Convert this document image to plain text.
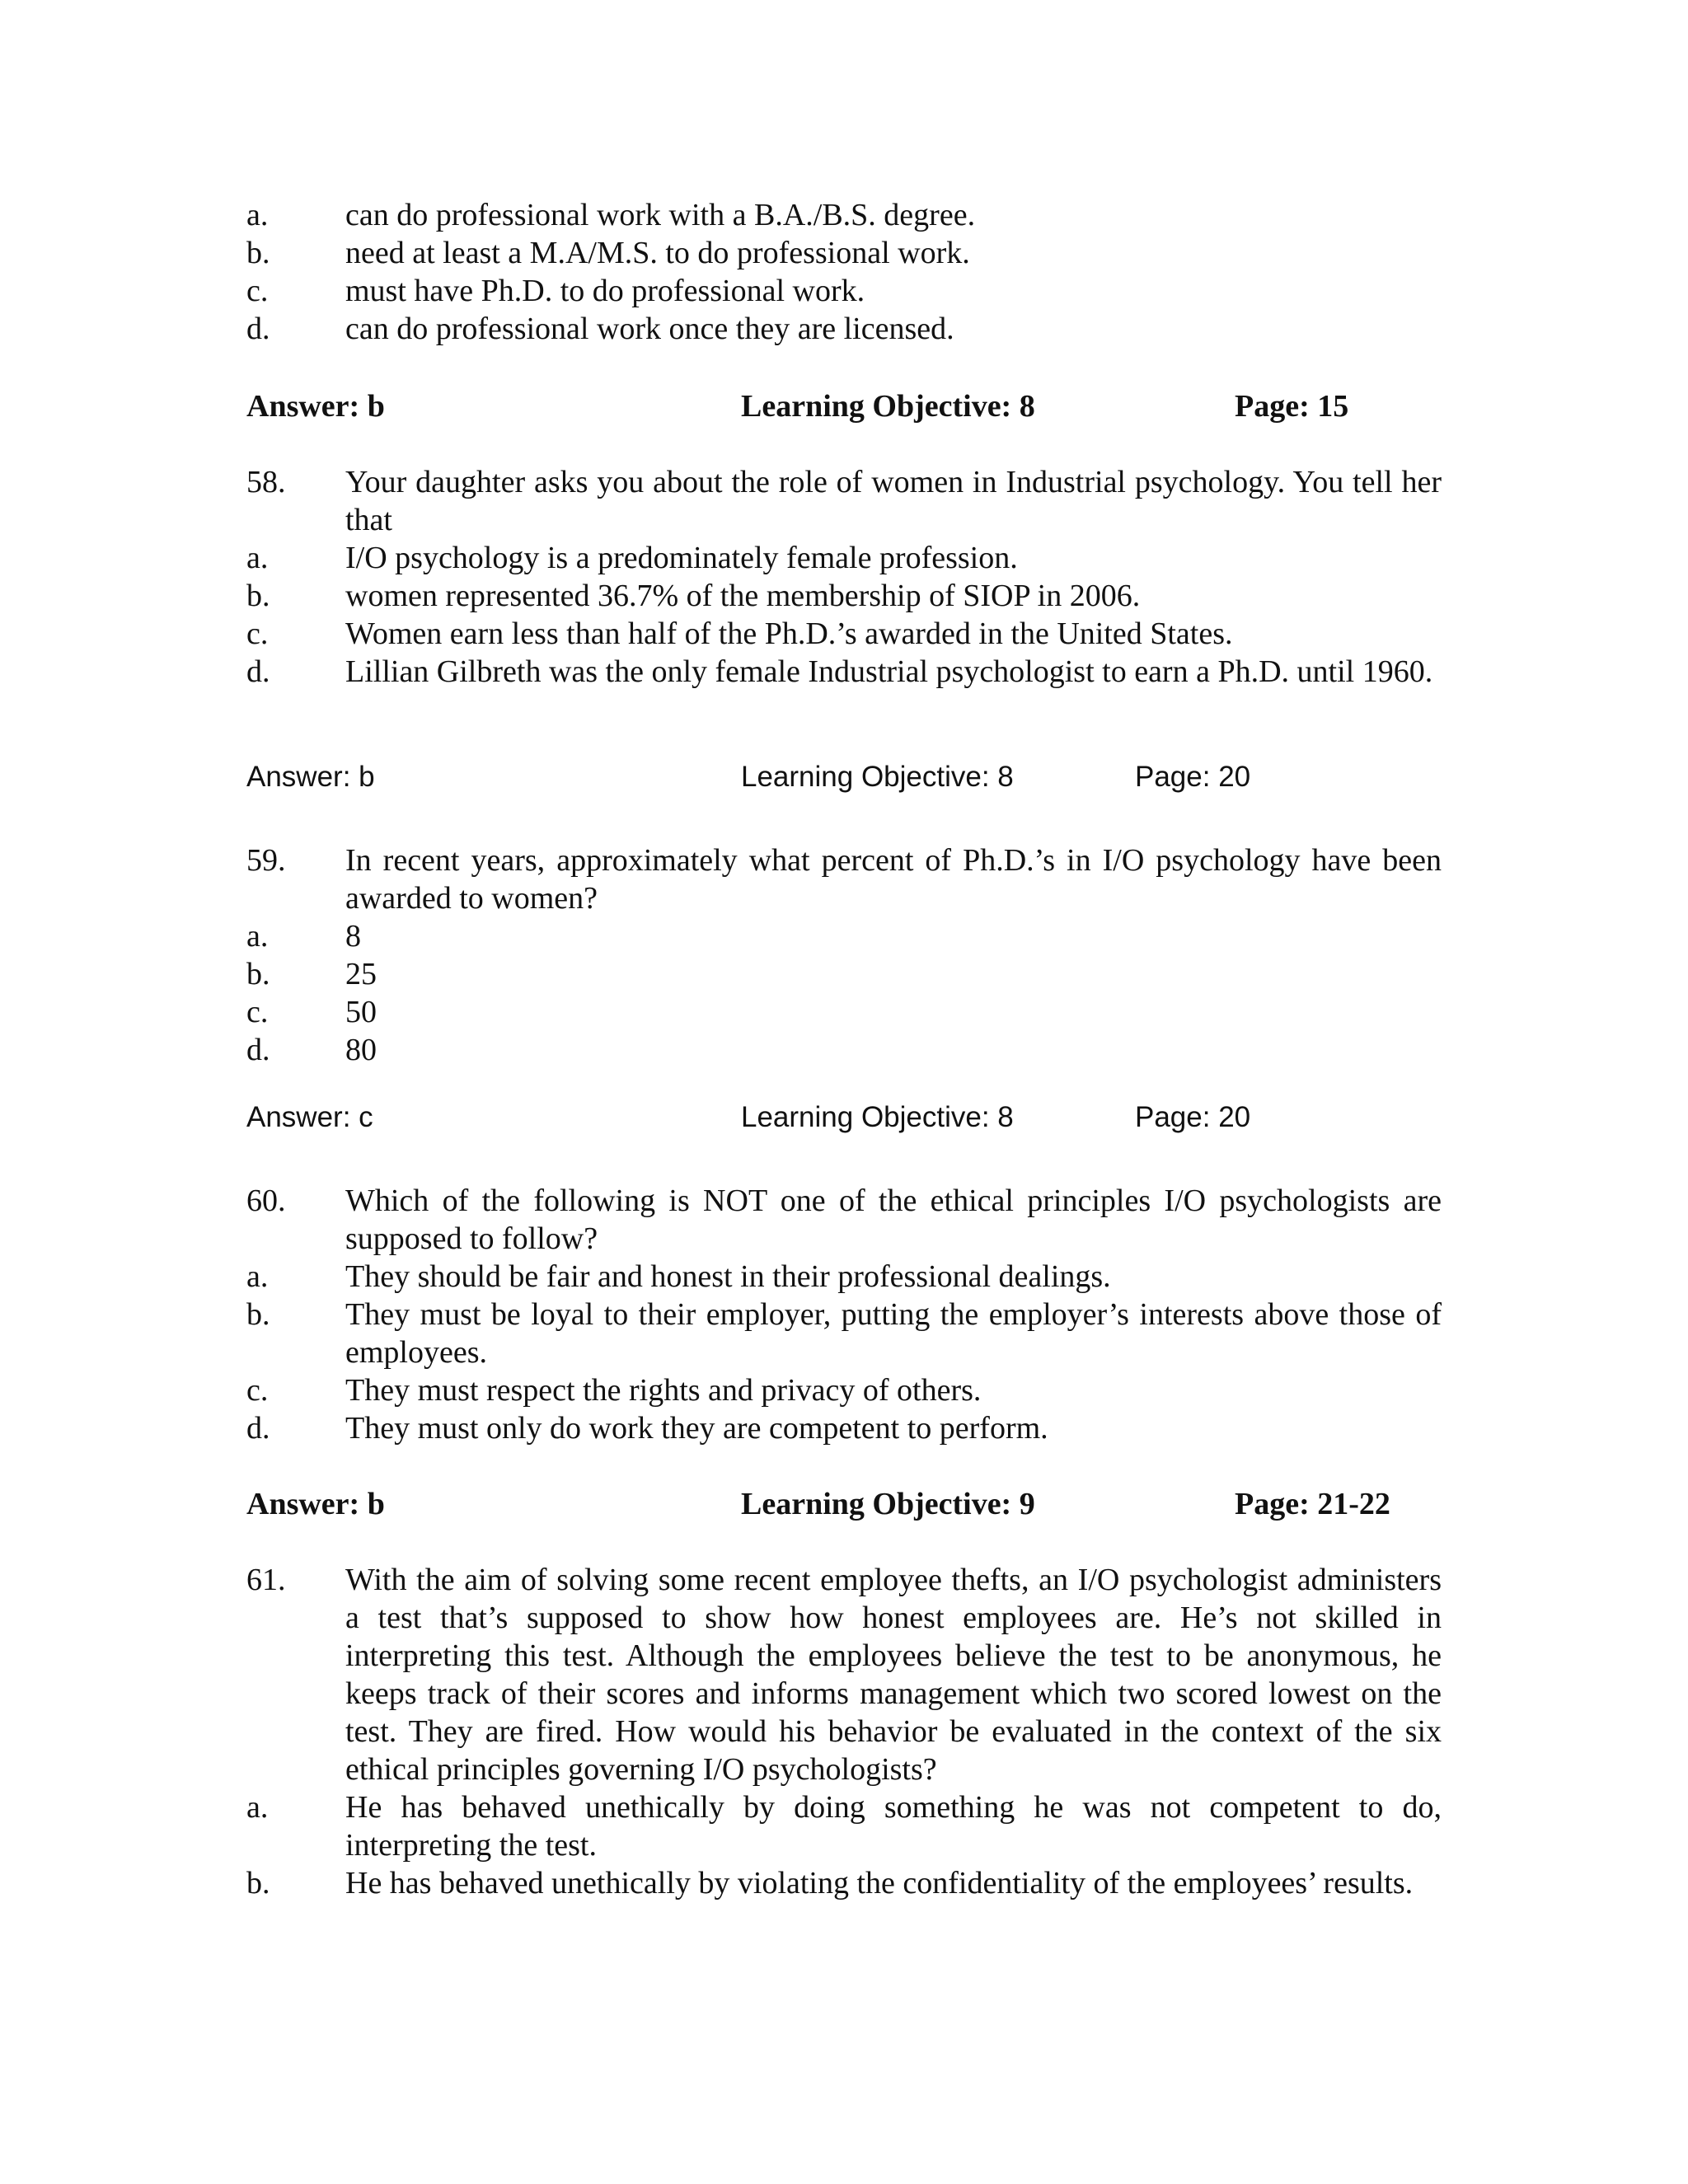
a.	can do professional work with a B.A./B.S. degree.
b.	need at least a M.A/M.S. to do professional work.
c.	must have Ph.D. to do professional work.
d.	can do professional work once they are licensed.
Answer: b	Learning Objective: 8	Page: 15
58.	Your daughter asks you about the role of women in Industrial psychology. You tell her that
a.	I/O psychology is a predominately female profession.
b.	women represented 36.7% of the membership of SIOP in 2006.
c.	Women earn less than half of the Ph.D.’s awarded in the United States.
d.	Lillian Gilbreth was the only female Industrial psychologist to earn a Ph.D. until 1960.
Answer: b	Learning Objective: 8	Page: 20
59.	In recent years, approximately what percent of Ph.D.’s in I/O psychology have been awarded to women?
a.	8
b.	25
c.	50
d.	80
Answer: c	Learning Objective: 8	Page: 20
60.	Which of the following is NOT one of the ethical principles I/O psychologists are supposed to follow?
a.	They should be fair and honest in their professional dealings.
b.	They must be loyal to their employer, putting the employer’s interests above those of employees.
c.	They must respect the rights and privacy of others.
d.	They must only do work they are competent to perform.
Answer: b	Learning Objective: 9	Page: 21-22
61.	With the aim of solving some recent employee thefts, an I/O psychologist administers a test that’s supposed to show how honest employees are. He’s not skilled in interpreting this test. Although the employees believe the test to be anonymous, he keeps track of their scores and informs management which two scored lowest on the test. They are fired. How would his behavior be evaluated in the context of the six ethical principles governing I/O psychologists?
a.	He has behaved unethically by doing something he was not competent to do, interpreting the test.
b.	He has behaved unethically by violating the confidentiality of the employees’ results.
